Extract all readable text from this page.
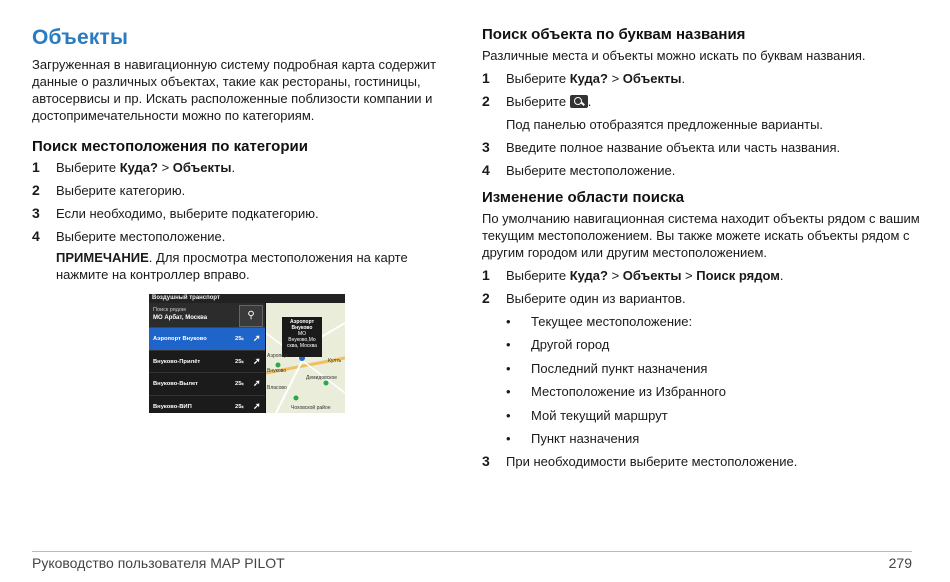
Объекты

Загруженная в навигационную систему подробная карта содержит данные о различных объектах, такие как рестораны, гостиницы, автосервисы и пр. Искать расположенные поблизости компании и достопримечательности можно по категориям.

Поиск местоположения по категории
1	Выберите Куда? > Объекты.
2	Выберите категорию.
3	Если необходимо, выберите подкатегорию.
4	Выберите местоположение.

ПРИМЕЧАНИЕ. Для просмотра местоположения на карте нажмите на контроллер вправо.

Воздушный транспорт
Поиск рядом
МО Арбат, Москва	⚲
Аэропорт Внуково	25ₖ ➚
Внуково-Прилёт	25ₖ ➚
Внуково-Вылет	25ₖ ➚
Внуково-ВИП	25ₖ ➚
Аэропорт
Внуково
МО
Внуково,Мо
сква, Москва
Аэропорт
Власово
Демидовское
Внуково
Чоховской район
Култь
Поиск объекта по буквам названия

Различные места и объекты можно искать по буквам названия.

1	Выберите Куда? > Объекты.
2	Выберите .

Под панелью отобразятся предложенные варианты.

3	Введите полное название объекта или часть названия.
4	Выберите местоположение.
Изменение области поиска

По умолчанию навигационная система находит объекты рядом с вашим текущим местоположением. Вы также можете искать объекты рядом с другим городом или другим местоположением.

1	Выберите Куда? > Объекты > Поиск рядом.
2	Выберите один из вариантов.
•	Текущее местоположение:
•	Другой город
•	Последний пункт назначения
•	Местоположение из Избранного
•	Мой текущий маршрут
•	Пункт назначения
3	При необходимости выберите местоположение.
Руководство пользователя MAP PILOT	279
